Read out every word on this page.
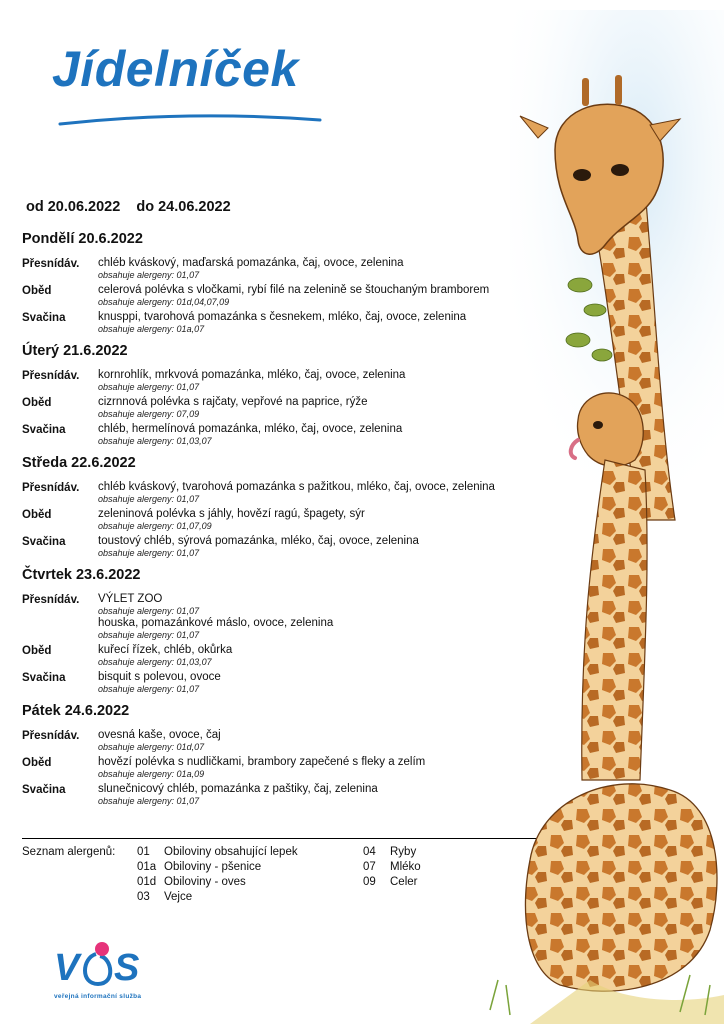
Jídelníček
od 20.06.2022 do 24.06.2022
Pondělí 20.6.2022
Přesnídáv.	chléb kváskový, maďarská pomazánka, čaj, ovoce, zelenina
obsahuje alergeny: 01,07
Oběd	celerová polévka s vločkami, rybí filé na zelenině se štouchaným bramborem
obsahuje alergeny: 01d,04,07,09
Svačina	knusppi, tvarohová pomazánka s česnekem, mléko, čaj, ovoce, zelenina
obsahuje alergeny: 01a,07
Úterý 21.6.2022
Přesnídáv.	kornrohlík, mrkvová pomazánka, mléko, čaj, ovoce, zelenina
obsahuje alergeny: 01,07
Oběd	cizrnnová polévka s rajčaty, vepřové na paprice, rýže
obsahuje alergeny: 07,09
Svačina	chléb, hermelínová pomazánka, mléko, čaj, ovoce, zelenina
obsahuje alergeny: 01,03,07
Středa 22.6.2022
Přesnídáv.	chléb kváskový, tvarohová pomazánka s pažitkou, mléko, čaj, ovoce, zelenina
obsahuje alergeny: 01,07
Oběd	zeleninová polévka s jáhly, hovězí ragú, špagety, sýr
obsahuje alergeny: 01,07,09
Svačina	toustový chléb, sýrová pomazánka, mléko, čaj, ovoce, zelenina
obsahuje alergeny: 01,07
Čtvrtek 23.6.2022
Přesnídáv.	VÝLET ZOO
obsahuje alergeny: 01,07
houska, pomazánkové máslo, ovoce, zelenina
obsahuje alergeny: 01,07
Oběd	kuřecí řízek, chléb, okůrka
obsahuje alergeny: 01,03,07
Svačina	bisquit s polevou, ovoce
obsahuje alergeny: 01,07
Pátek 24.6.2022
Přesnídáv.	ovesná kaše, ovoce, čaj
obsahuje alergeny: 01d,07
Oběd	hovězí polévka s nudličkami, brambory zapečené s fleky a zelím
obsahuje alergeny: 01a,09
Svačina	slunečnicový chléb, pomazánka z paštiky, čaj, zelenina
obsahuje alergeny: 01,07
Seznam alergenů: 01 Obiloviny obsahující lepek
01a Obiloviny - pšenice
01d Obiloviny - oves
03 Vejce
04 Ryby
07 Mléko
09 Celer
V S
veřejná informační služba
